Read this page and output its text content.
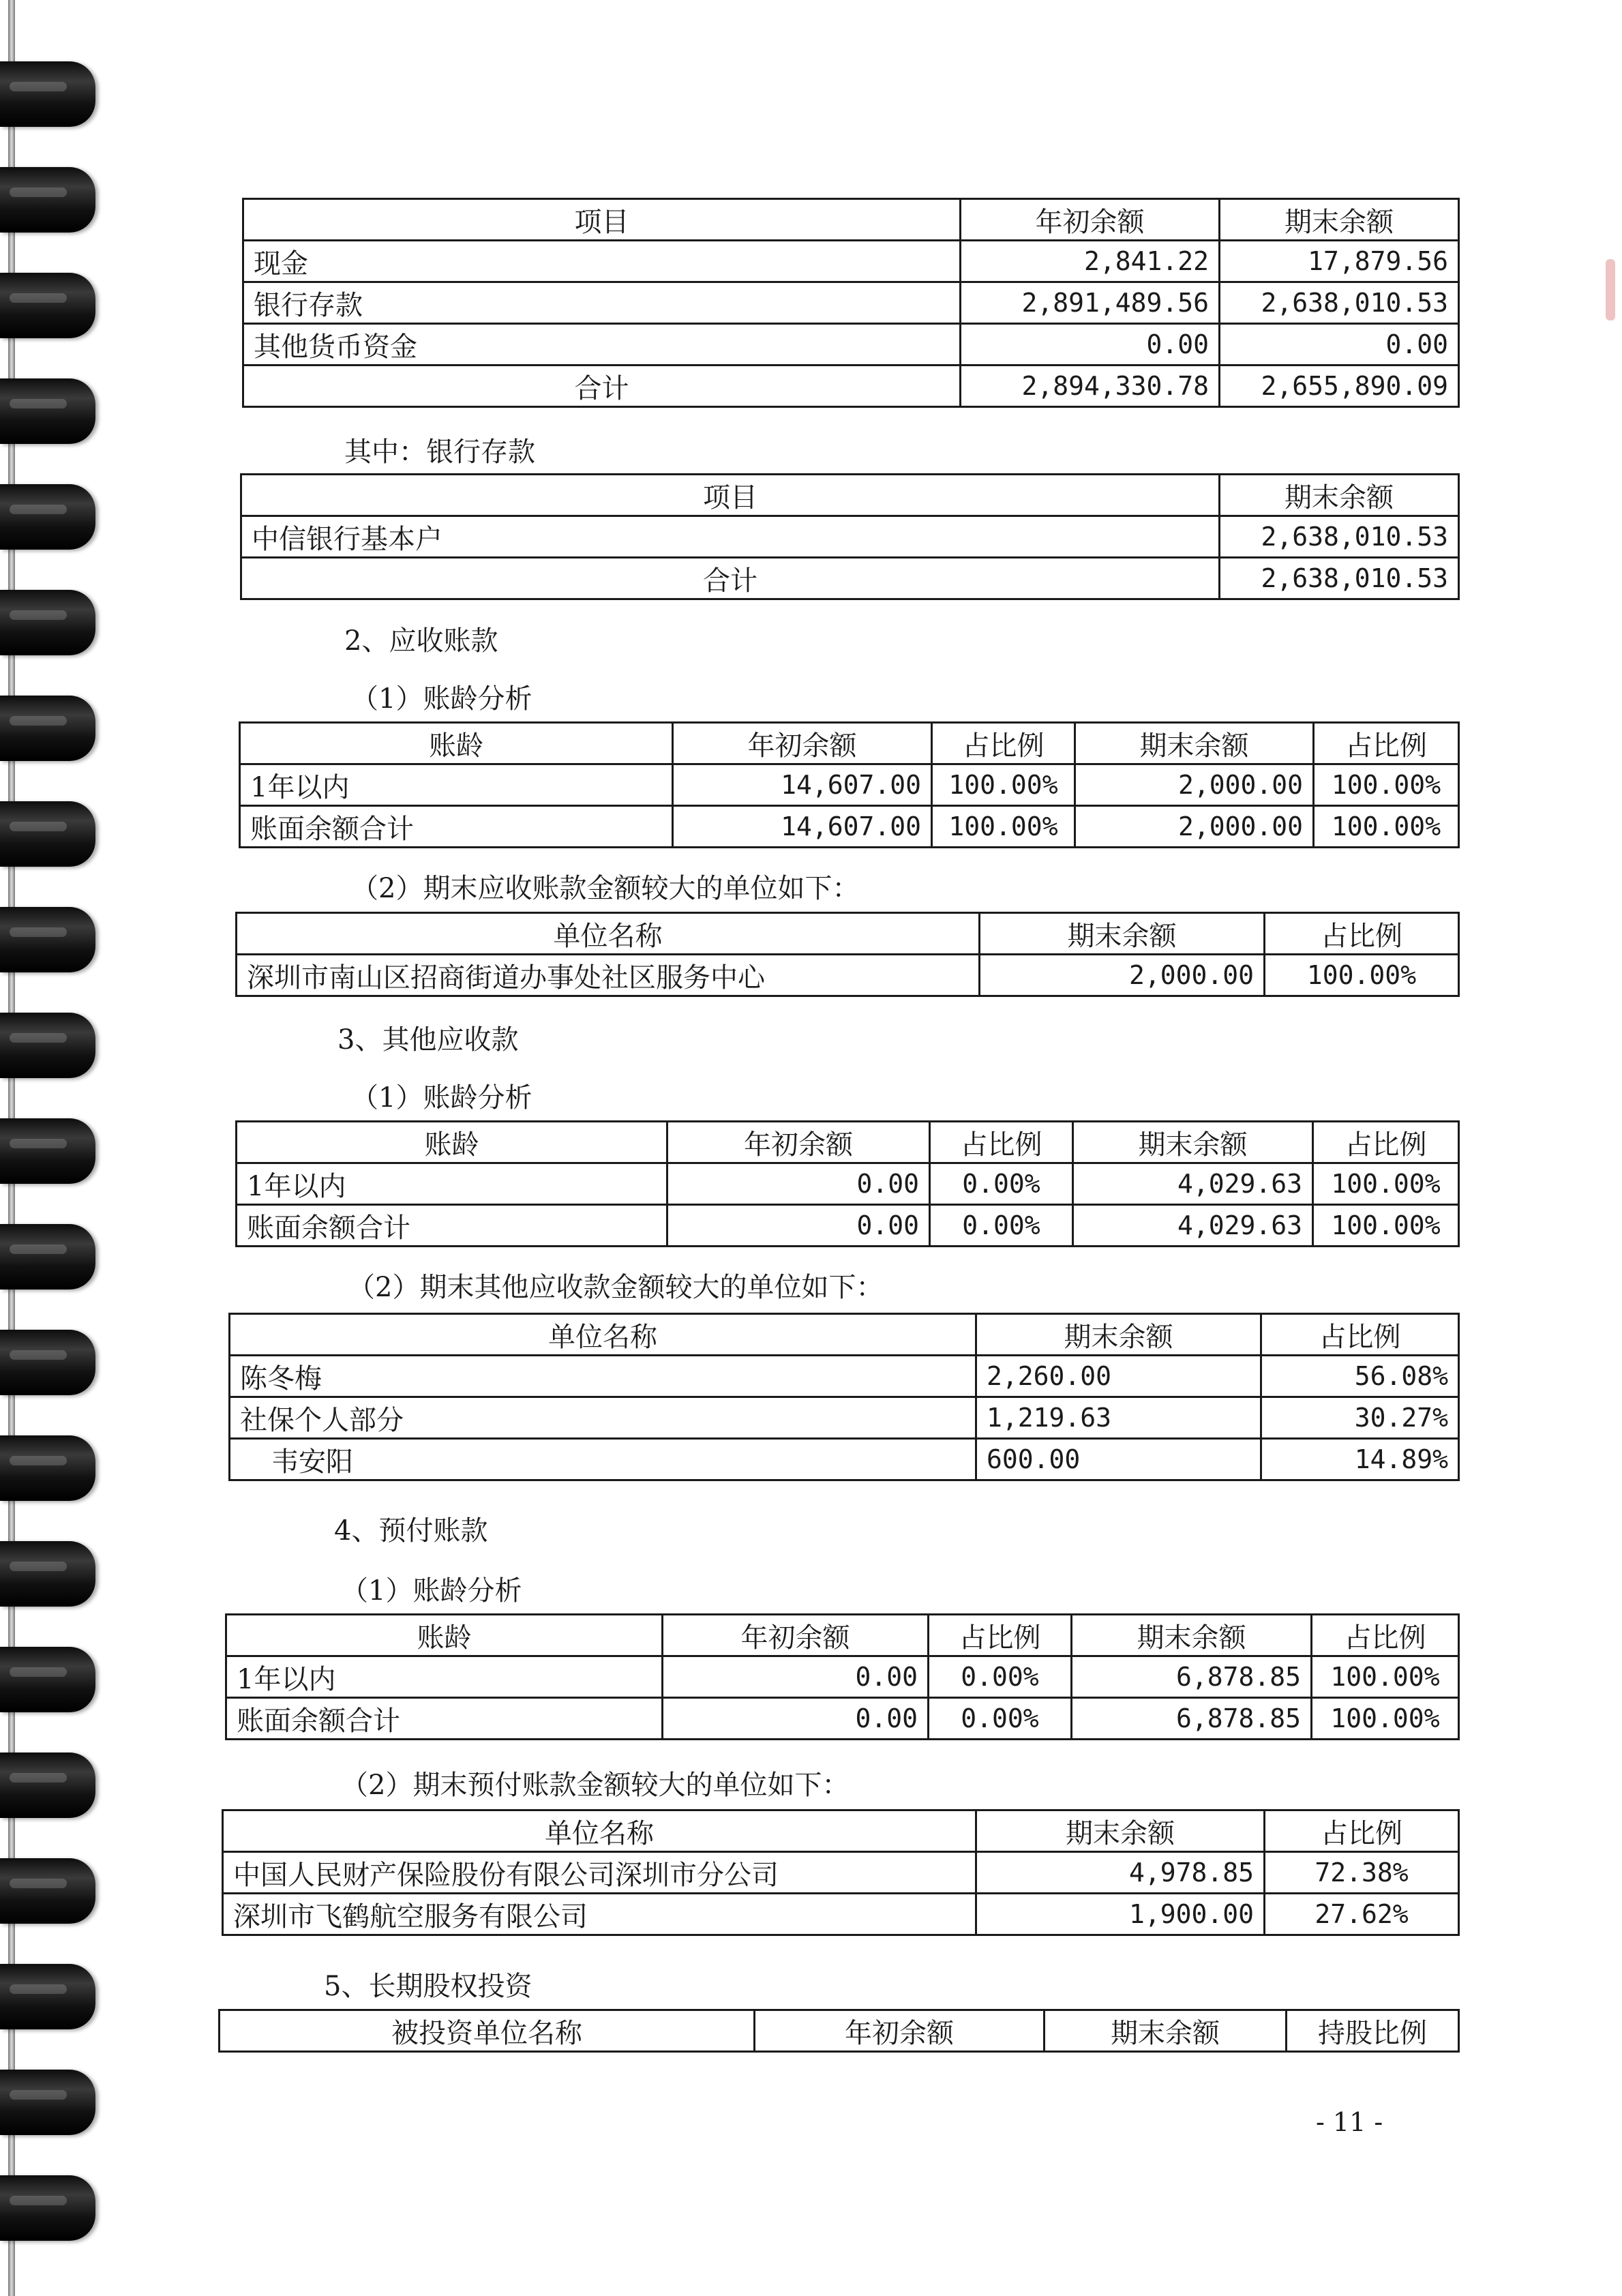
项目	年初余额	期末余额
现金	2,841.22	17,879.56
银行存款	2,891,489.56	2,638,010.53
其他货币资金	0.00	0.00
合计	2,894,330.78	2,655,890.09
其中：银行存款
项目	期末余额
中信银行基本户	2,638,010.53
合计	2,638,010.53
2、应收账款
（1）账龄分析
账龄	年初余额	占比例	期末余额	占比例
1年以内	14,607.00	100.00%	2,000.00	100.00%
账面余额合计	14,607.00	100.00%	2,000.00	100.00%
（2）期末应收账款金额较大的单位如下：
单位名称	期末余额	占比例
深圳市南山区招商街道办事处社区服务中心	2,000.00	100.00%
3、其他应收款
（1）账龄分析
账龄	年初余额	占比例	期末余额	占比例
1年以内	0.00	0.00%	4,029.63	100.00%
账面余额合计	0.00	0.00%	4,029.63	100.00%
（2）期末其他应收款金额较大的单位如下：
单位名称	期末余额	占比例
陈冬梅	2,260.00	56.08%
社保个人部分	1,219.63	30.27%
韦安阳	600.00	14.89%
4、预付账款
（1）账龄分析
账龄	年初余额	占比例	期末余额	占比例
1年以内	0.00	0.00%	6,878.85	100.00%
账面余额合计	0.00	0.00%	6,878.85	100.00%
（2）期末预付账款金额较大的单位如下：
单位名称	期末余额	占比例
中国人民财产保险股份有限公司深圳市分公司	4,978.85	72.38%
深圳市飞鹤航空服务有限公司	1,900.00	27.62%
5、长期股权投资
被投资单位名称	年初余额	期末余额	持股比例
- 11 -
